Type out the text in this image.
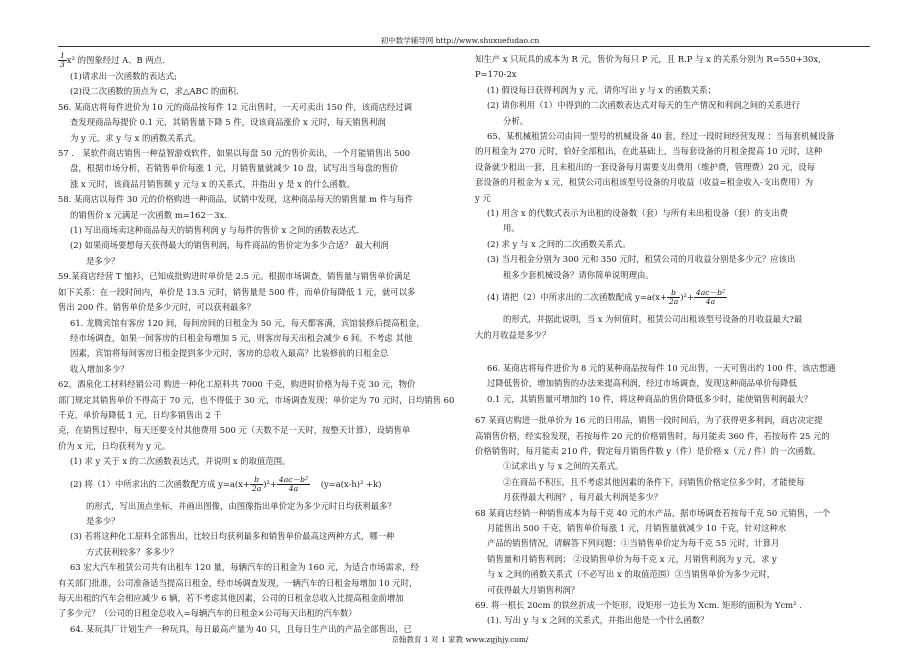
初中数学辅导网 http://www.shuxuefudao.cn

$\frac{1}{3} x^2$ 的图象经过 A、B 两点.

(1)请求出一次函数的表达式;

(2)设二次函数的顶点为 C，求△ABC 的面积.

56. 某商店将每件进价为 10 元的商品按每件 12 元出售时，一天可卖出 150 件，该商店经过调

查发现商品每提价 0.1 元，其销售量下降 5 件，设该商品涨价 x 元时，每天销售利润

为 y 元，求 y 与 x 的函数关系式。

57 ． 某软件商店销售一种益智游戏软件，如果以每盘 50 元的售价卖出，一个月能销售出 500

盘，根据市场分析，若销售单价每涨 1 元，月销售量就减少 10 盘，试写出当每盘的售价

涨 x 元时，该商品月销售额 y 元与 x 的关系式，并指出 y 是 x 的什么函数。

58. 某商店以每件 30 元的价格购进一种商品，试销中发现，这种商品每天的销售量 m 件与每件

的销售价 x 元满足一次函数 m=162－3x.

(1) 写出商场卖这种商品每天的销售利润 y 与每件的售价 x 之间的函数表达式.

(2) 如果商场要想每天获得最大的销售利润，每件商品的售价定为多少合适？ 最大利润

是多少？

59.某商店经营 T 恤衫，已知成批购进时单价是 2.5 元。根据市场调查，销售量与销售单价满足

如下关系：在一段时间内，单价是 13.5 元时，销售量是 500 件，而单价每降低 1 元，就可以多

售出 200 件。销售单价是多少元时，可以获利最多？

61. 龙腾宾馆有客房 120 间，每间房间的日租金为 50 元，每天都客满，宾馆装修后提高租金，

经市场调查，如果一间客房的日租金每增加 5 元，则客房每天出租会减少 6 间。不考虑 其他

因素，宾馆将每间客房日租金提到多少元时，客房的总收入最高？比装修前的日租金总

收入增加多少？

62。酒泉化工材料经销公司 购进一种化工原料共 7000 千克，购进时价格为每千克 30 元，物价

部门规定其销售单价不得高于 70 元，也不得低于 30 元，市场调查发现：单价定为 70 元时，日均销售 60 千克，单价每降低 1 元，日均多销售出 2 千

克，在销售过程中，每天还要支付其他费用 500 元（天数不足一天时，按整天计算），设销售单

价为 x 元，日均获利为 y 元。

(1) 求 y 关于 x 的二次函数表达式，并说明 x 的取值范围。

(2) 将（1）中所求出的二次函数配方成 $y=a(x+ \frac{b}{2a} )^2+ \frac{\text{4ac－b²}}{4a} (y=a(x-h)^2 +k)$

的形式，写出顶点坐标，并画出图像，由图像指出单价定为多少元时日均获利最多？

是多少？

(3) 若将这种化工原料全部售出，比较日均获利最多和销售单价最高这两种方式，哪一种

方式获利较多？多多少？

63 宏大汽车租赁公司共有出租车 120 量，每辆汽车的日租金为 160 元，为适合市场需求，经

有关部门批准，公司准备适当提高日租金，经市场调查发现，一辆汽车的日租金每增加 10 元时，

每天出租的汽车会相应减少 6 辆，若不考虑其他因素，公司的日租金总收入比提高租金前增加

了多少元？（公司的日租金总收入=每辆汽车的日租金×公司每天出租的汽车数）

64. 某玩具厂计划生产一种玩具，每日最高产量为 40 只，且每日生产出的产品全部售出，已

知生产 x 只玩具的成本为 R 元，售价为每只 P 元，且 R.P 与 x 的关系分别为 R=550+30x,

P=170-2x

(1) 假设每日获得利润为 y 元，请你写出 y 与 x 的函数关系；

(2) 请你利用（1）中得到的二次函数表达式对每天的生产情况和利润之间的关系进行

分析。

65、某机械租赁公司由同一型号的机械设备 40 套，经过一段时间经营发现 ：当每套机械设备

的月租金为 270 元时，恰好全部租出，在此基础上，当每套设备的月租金提高 10 元时，这种

设备就少租出一套，且未租出的一套设备每月需要支出费用（维护费，管理费）20 元，设每

套设备的月租金为 x 元，租赁公司出租该型号设备的月收益（收益=租金收入-支出费用）为

y 元

(1) 用含 x 的代数式表示为出租的设备数（套）与所有未出租设备（套）的支出费

用。

(2) 求 y 与 x 之间的二次函数关系式。

(3) 当月租金分别为 300 元和 350 元时，租赁公司的月收益分别是多少元？应该出

租多少套机械设备？请你简单说明理由。

(4) 请把（2）中所求出的二次函数配成 $y=a(x+ \frac{b}{2a} )^2+ \frac{\text{4ac－b²}}{4a}$

的形式，并据此说明，当 x 为何值时，租赁公司出租该型号设备的月收益最大?最

大的月收益是多少？

66. 某商店将每件进价为 8 元的某种商品按每件 10 元出售，一天可售出约 100 件，该店想通

过降低售价，增加销售的办法来提高利润，经过市场调查，发现这种商品单价每降低

0.1 元，其销售量可增加约 10 件，将这种商品的售价降低多少时，能使销售利润最大？

67 某商店购进一批单价为 16 元的日用品，销售一段时间后，为了获得更多利润，商店决定提

高销售价格，经实验发现，若按每件 20 元的价格销售时，每月能卖 360 件，若按每件 25 元的

价格销售时，每月能卖 210 件，假定每月销售件数 y（件）是价格 x（元 / 件）的一次函数。

①试求出 y 与 x 之间的关系式。

②在商品不积压，且不考虑其他因素的条件下，问销售价格定位多少时，才能使每

月获得最大利润？，每月最大利润是多少？

68 某商店经销一种销售成本为每千克 40 元的水产品，据市场调查若按每千克 50 元销售，一个

月能售出 500 千克，销售单价每涨 1 元，月销售量就减少 10 千克，针对这种水

产品的销售情况，请解答下列问题：①当销售单价定为每千克 55 元时，计算月

销售量和月销售利润； ②设销售单价为每千克 x 元，月销售利润为 y 元，求 y

与 x 之间的函数关系式（不必写出 x 的取值范围）③当销售单价为多少元时，

可获得最大月销售利润？

69. 将一根长 20cm 的铁丝折成一个矩形，设矩形一边长为 Xcm. 矩形的面积为 Ycm² .

(1). 写出 y 与 x 之间的关系式，并指出他是一个什么函数？

京翰教育 1 对 1 家教 www.zgjhjy.com/
